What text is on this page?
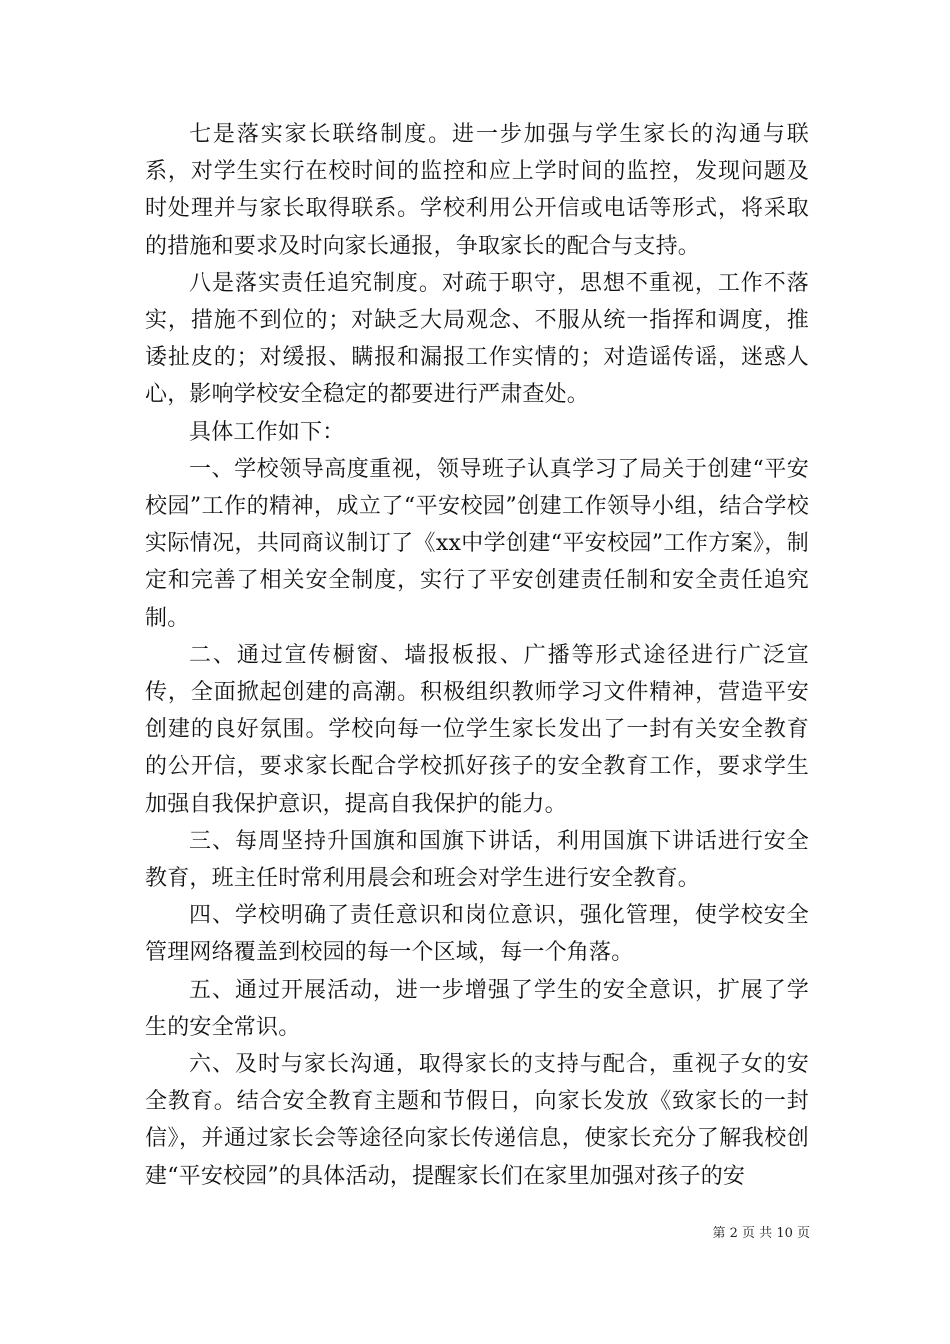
七是落实家长联络制度。进一步加强与学生家长的沟通与联系，对学生实行在校时间的监控和应上学时间的监控，发现问题及时处理并与家长取得联系。学校利用公开信或电话等形式，将采取的措施和要求及时向家长通报，争取家长的配合与支持。

八是落实责任追究制度。对疏于职守，思想不重视，工作不落实，措施不到位的；对缺乏大局观念、不服从统一指挥和调度，推诿扯皮的；对缓报、瞒报和漏报工作实情的；对造谣传谣，迷惑人心，影响学校安全稳定的都要进行严肃查处。

具体工作如下：

一、学校领导高度重视，领导班子认真学习了局关于创建“平安校园”工作的精神，成立了“平安校园”创建工作领导小组，结合学校实际情况，共同商议制订了《xx中学创建“平安校园”工作方案》，制定和完善了相关安全制度，实行了平安创建责任制和安全责任追究制。

二、通过宣传橱窗、墙报板报、广播等形式途径进行广泛宣传，全面掀起创建的高潮。积极组织教师学习文件精神，营造平安创建的良好氛围。学校向每一位学生家长发出了一封有关安全教育的公开信，要求家长配合学校抓好孩子的安全教育工作，要求学生加强自我保护意识，提高自我保护的能力。

三、每周坚持升国旗和国旗下讲话，利用国旗下讲话进行安全教育，班主任时常利用晨会和班会对学生进行安全教育。

四、学校明确了责任意识和岗位意识，强化管理，使学校安全管理网络覆盖到校园的每一个区域，每一个角落。

五、通过开展活动，进一步增强了学生的安全意识，扩展了学生的安全常识。

六、及时与家长沟通，取得家长的支持与配合，重视子女的安全教育。结合安全教育主题和节假日，向家长发放《致家长的一封信》，并通过家长会等途径向家长传递信息，使家长充分了解我校创建“平安校园”的具体活动，提醒家长们在家里加强对孩子的安

第 2 页 共 10 页
